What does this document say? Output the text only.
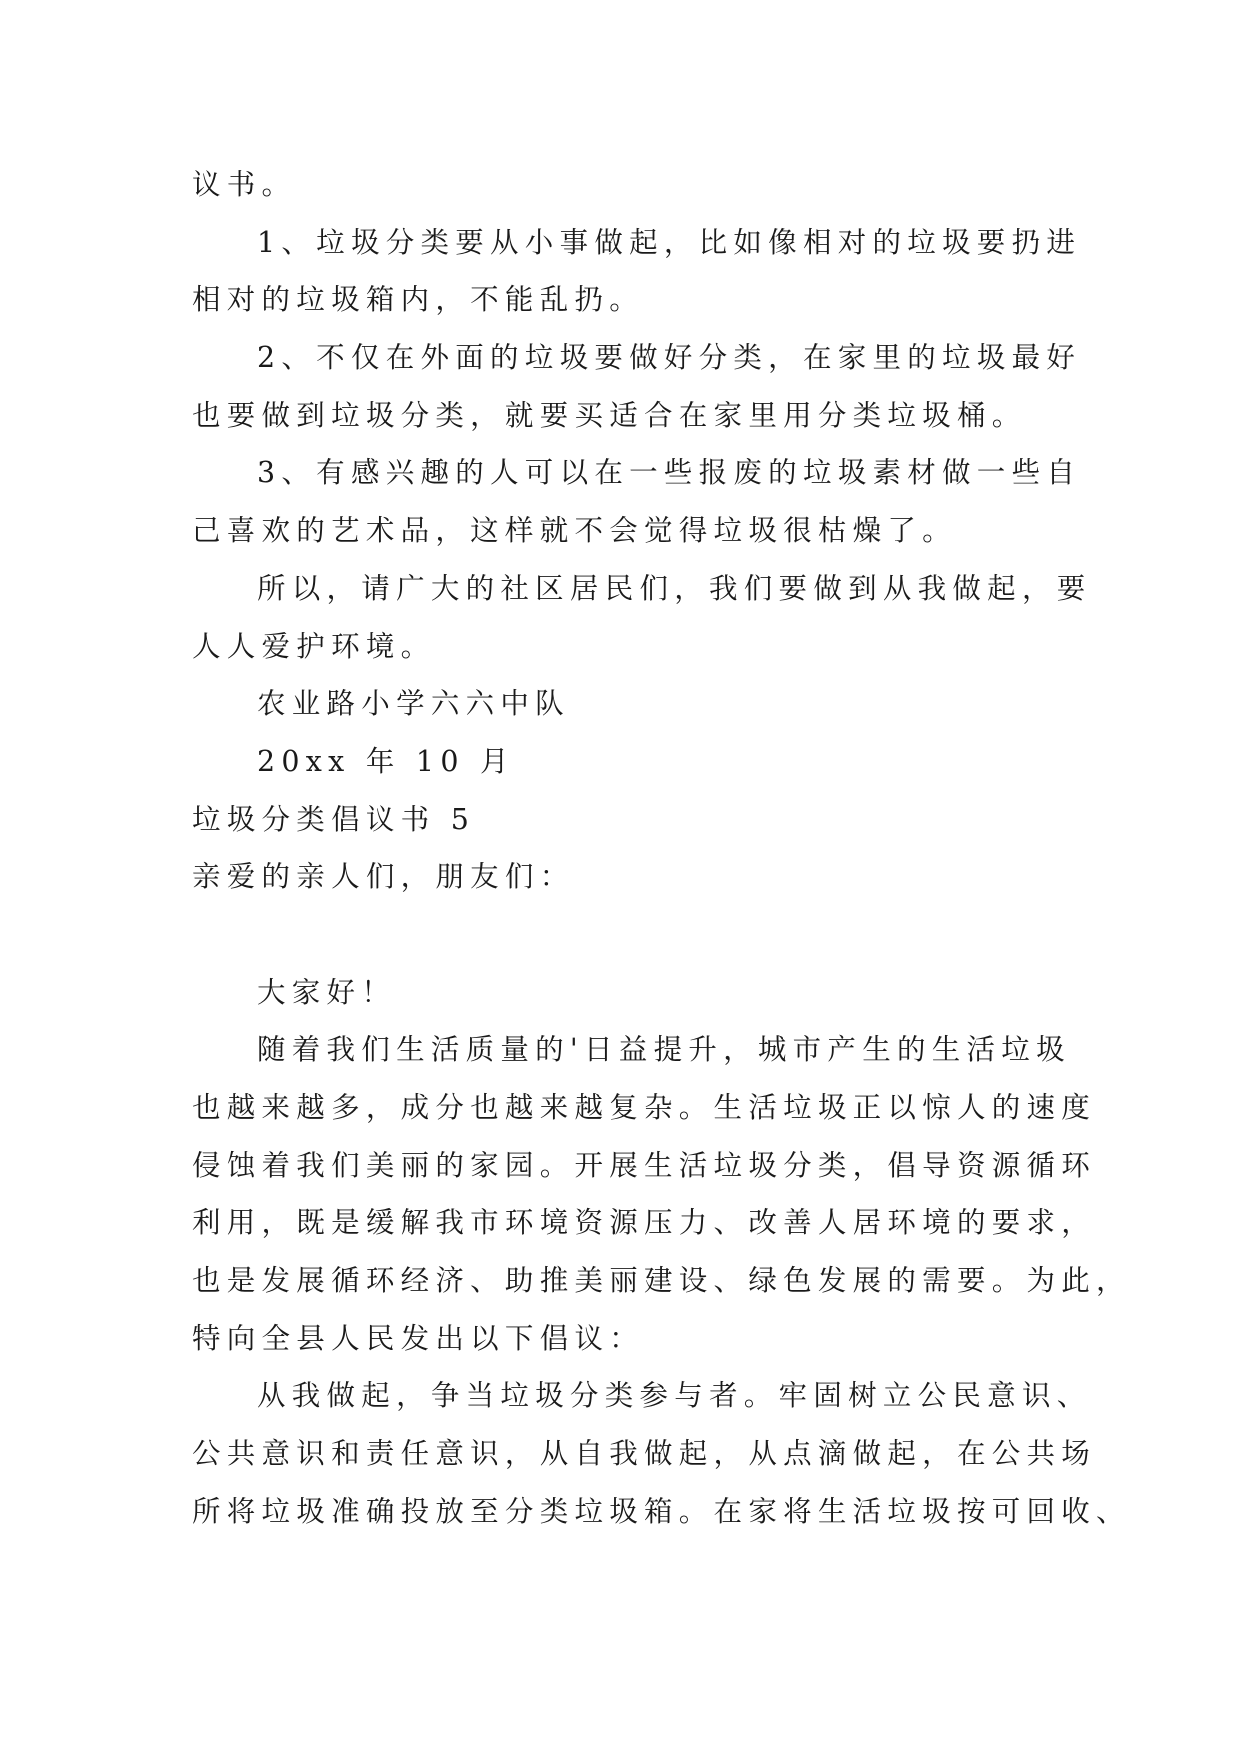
议书。
1、垃圾分类要从小事做起，比如像相对的垃圾要扔进
相对的垃圾箱内，不能乱扔。
2、不仅在外面的垃圾要做好分类，在家里的垃圾最好
也要做到垃圾分类，就要买适合在家里用分类垃圾桶。
3、有感兴趣的人可以在一些报废的垃圾素材做一些自
己喜欢的艺术品，这样就不会觉得垃圾很枯燥了。
所以，请广大的社区居民们，我们要做到从我做起，要
人人爱护环境。
农业路小学六六中队
20xx 年 10 月
垃圾分类倡议书 5
亲爱的亲人们，朋友们：
大家好！
随着我们生活质量的'日益提升，城市产生的生活垃圾
也越来越多，成分也越来越复杂。生活垃圾正以惊人的速度
侵蚀着我们美丽的家园。开展生活垃圾分类，倡导资源循环
利用，既是缓解我市环境资源压力、改善人居环境的要求，
也是发展循环经济、助推美丽建设、绿色发展的需要。为此，
特向全县人民发出以下倡议：
从我做起，争当垃圾分类参与者。牢固树立公民意识、
公共意识和责任意识，从自我做起，从点滴做起，在公共场
所将垃圾准确投放至分类垃圾箱。在家将生活垃圾按可回收、
